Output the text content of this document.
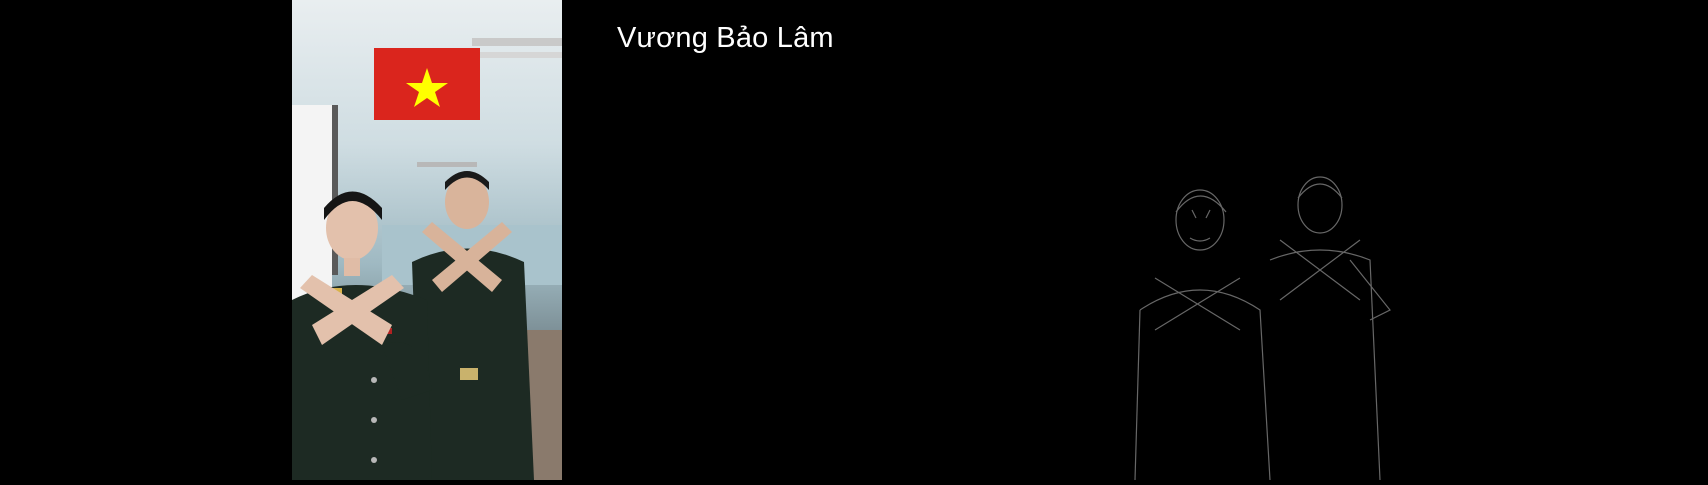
Vương Bảo Lâm
